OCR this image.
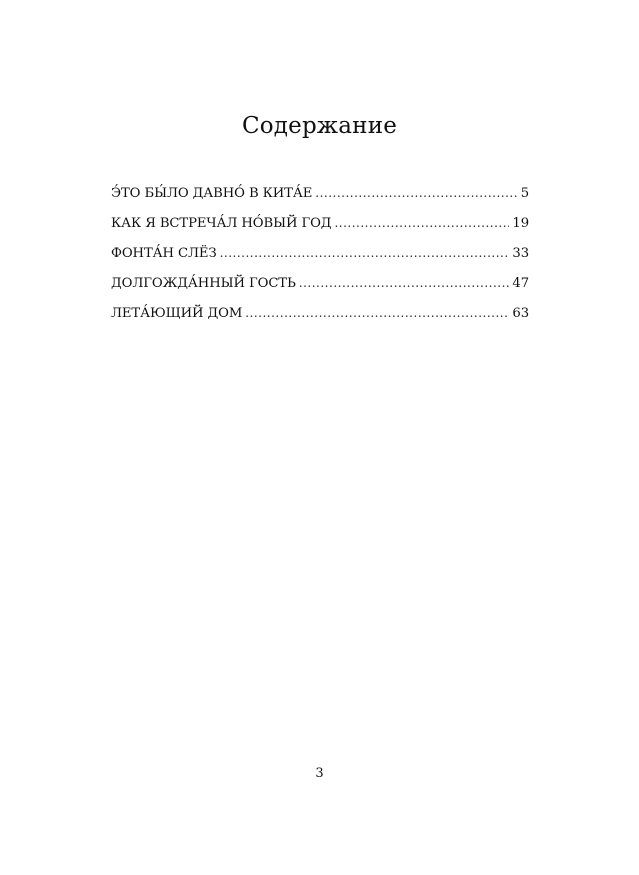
Содержание
Э́ТО БЫ́ЛО ДАВНО́ В КИТА́Е .....	5
КАК Я ВСТРЕЧА́Л НО́ВЫЙ ГОД .....	19
ФОНТА́Н СЛЁЗ .....	33
ДОЛГОЖДА́ННЫЙ ГОСТЬ .....	47
ЛЕТА́ЮЩИЙ ДОМ .....	63
3
